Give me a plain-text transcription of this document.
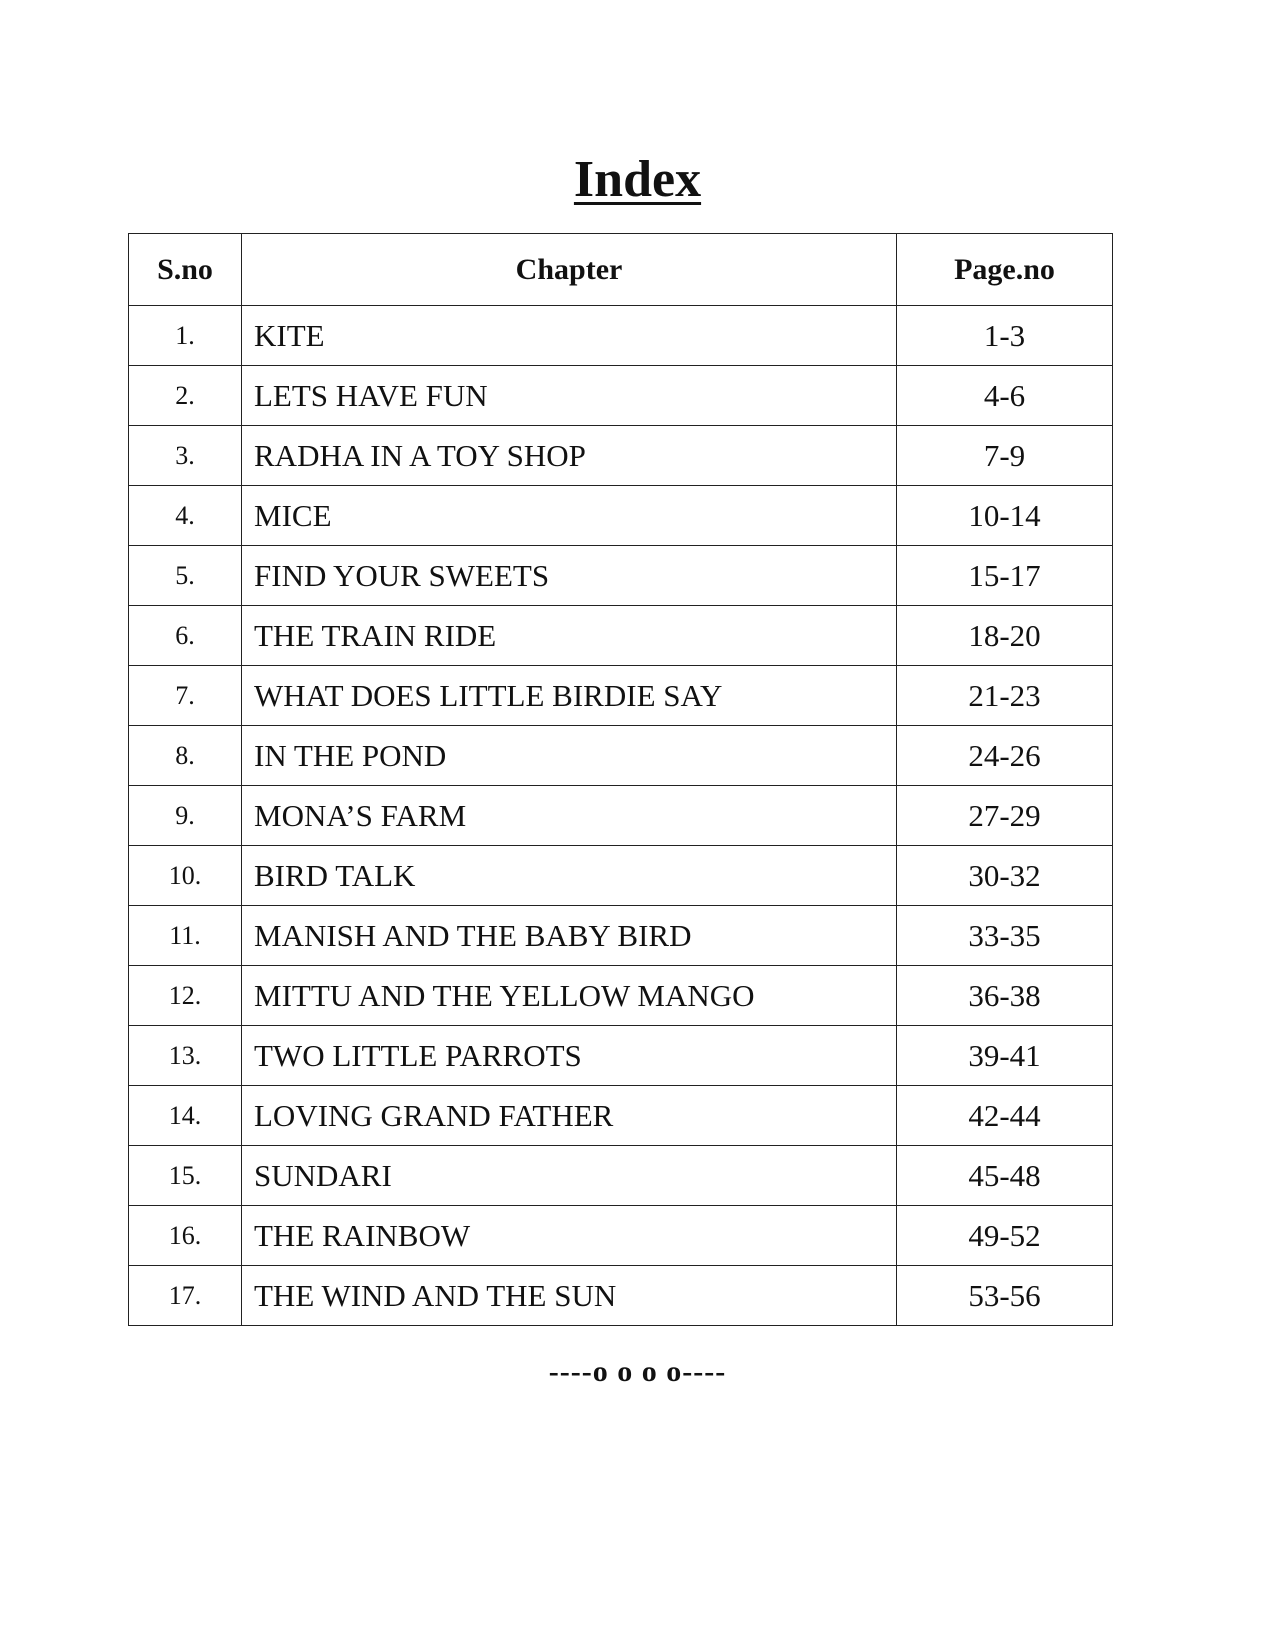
Index
S.no	Chapter	Page.no
1.	KITE	1-3
2.	LETS HAVE FUN	4-6
3.	RADHA IN A TOY SHOP	7-9
4.	MICE	10-14
5.	FIND YOUR SWEETS	15-17
6.	THE TRAIN RIDE	18-20
7.	WHAT DOES LITTLE BIRDIE SAY	21-23
8.	IN THE POND	24-26
9.	MONA’S FARM	27-29
10.	BIRD TALK	30-32
11.	MANISH AND THE BABY BIRD	33-35
12.	MITTU AND THE YELLOW MANGO	36-38
13.	TWO LITTLE PARROTS	39-41
14.	LOVING GRAND FATHER	42-44
15.	SUNDARI	45-48
16.	THE RAINBOW	49-52
17.	THE WIND AND THE SUN	53-56

----o o o o----
